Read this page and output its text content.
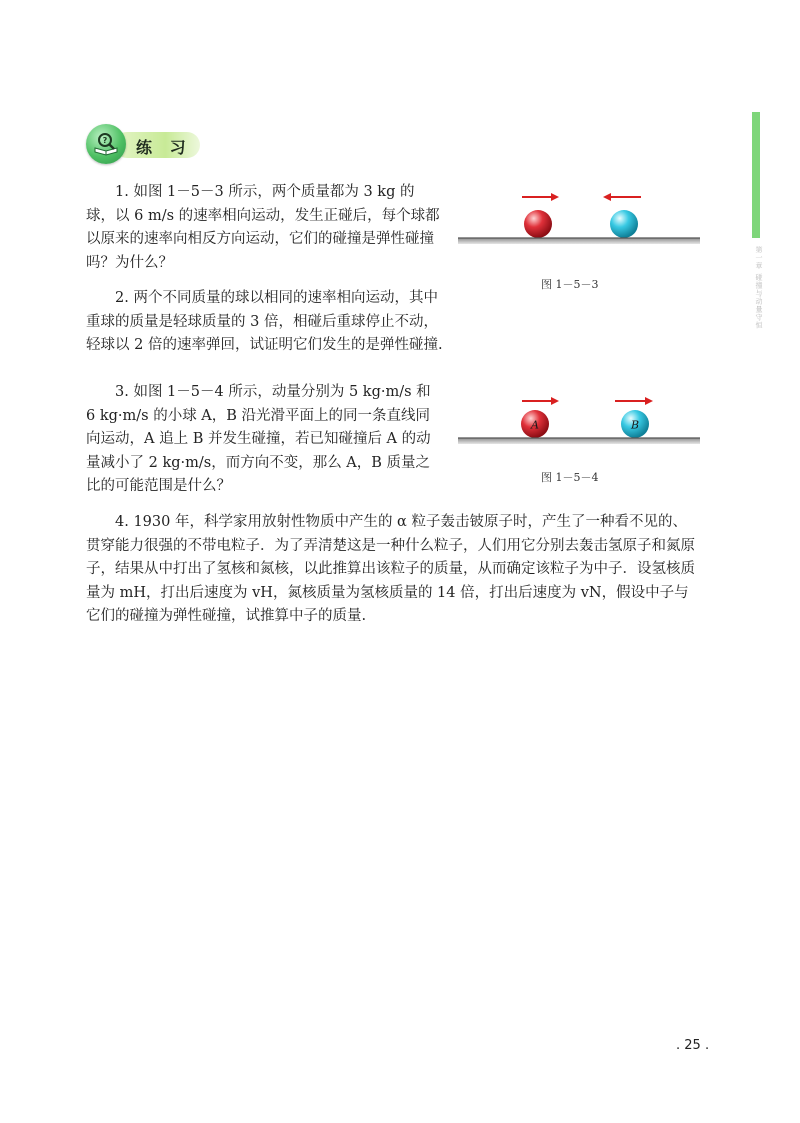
第一章 碰撞与动量守恒
? 练 习

1. 如图 1－5－3 所示，两个质量都为 3 kg 的球，以 6 m/s 的速率相向运动，发生正碰后，每个球都以原来的速率向相反方向运动，它们的碰撞是弹性碰撞吗？为什么？

2. 两个不同质量的球以相同的速率相向运动，其中重球的质量是轻球质量的 3 倍，相碰后重球停止不动，轻球以 2 倍的速率弹回，试证明它们发生的是弹性碰撞.

3. 如图 1－5－4 所示，动量分别为 5 kg·m/s 和 6 kg·m/s 的小球 A，B 沿光滑平面上的同一条直线同向运动，A 追上 B 并发生碰撞，若已知碰撞后 A 的动量减小了 2 kg·m/s，而方向不变，那么 A，B 质量之比的可能范围是什么？

4. 1930 年，科学家用放射性物质中产生的 α 粒子轰击铍原子时，产生了一种看不见的、贯穿能力很强的不带电粒子．为了弄清楚这是一种什么粒子，人们用它分别去轰击氢原子和氮原子，结果从中打出了氢核和氮核，以此推算出该粒子的质量，从而确定该粒子为中子．设氢核质量为 mH，打出后速度为 vH，氮核质量为氢核质量的 14 倍，打出后速度为 vN，假设中子与它们的碰撞为弹性碰撞，试推算中子的质量.

图 1－5－3
A	B
图 1－5－4
. 25 .
